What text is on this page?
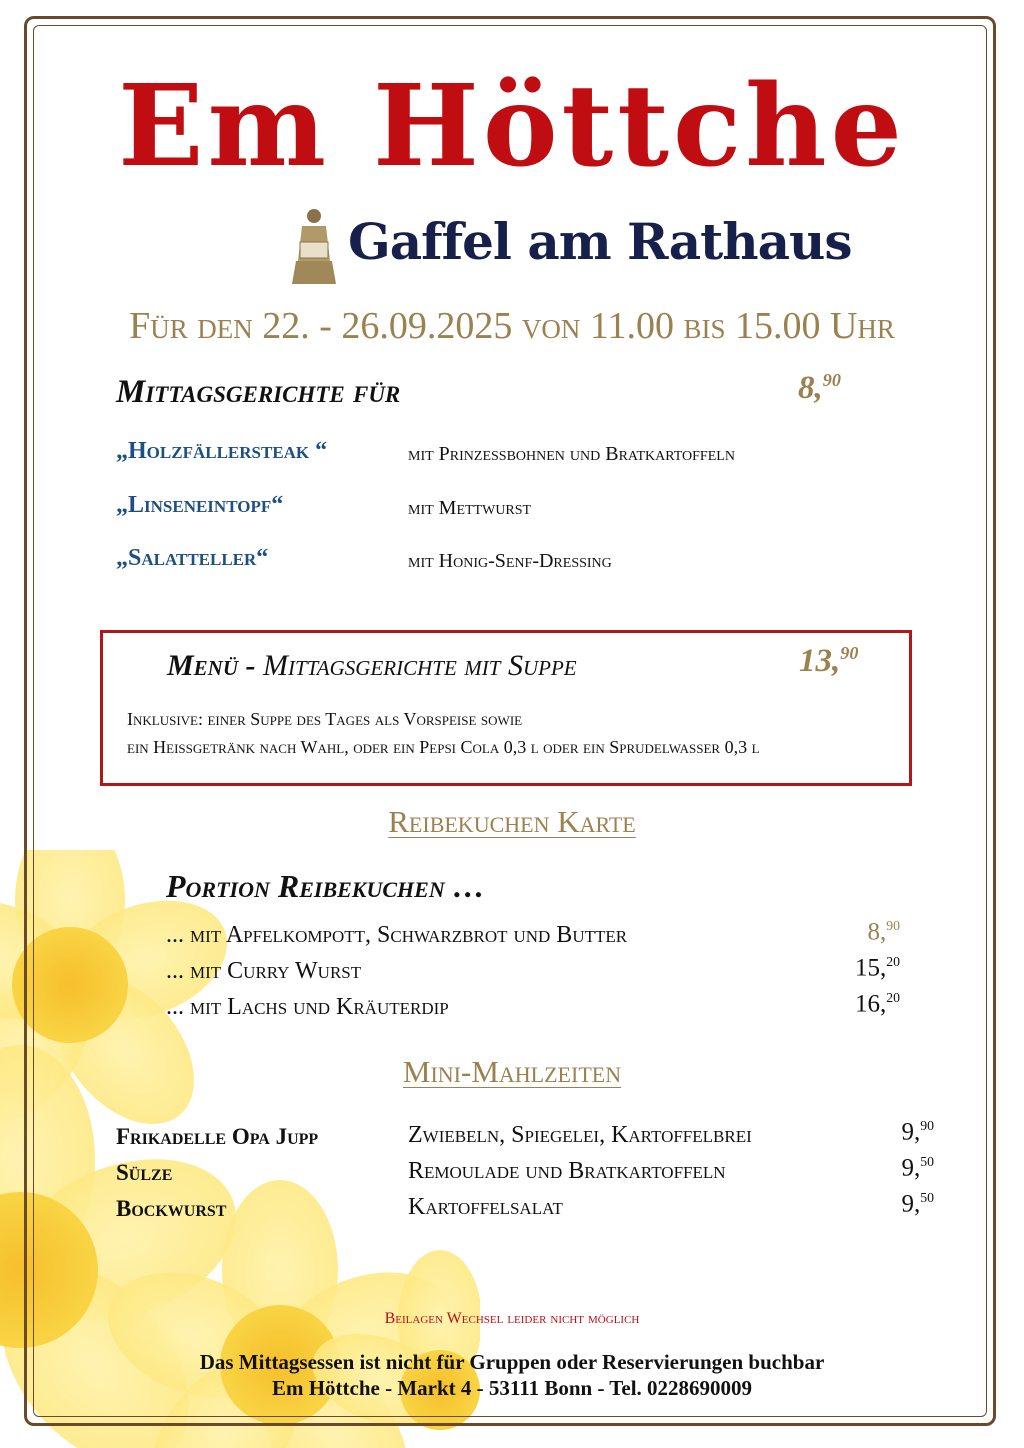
Em Höttche
Gaffel am Rathaus
Für den 22. - 26.09.2025 von 11.00 bis 15.00 Uhr
Mittagsgerichte für	8,90
„Holzfällersteak “	mit Prinzessbohnen und Bratkartoffeln
„Linseneintopf“	mit Mettwurst
„Salatteller“	mit Honig-Senf-Dressing
Menü - Mittagsgerichte mit Suppe	13,90
Inklusive: einer Suppe des Tages als Vorspeise sowie
ein Heißgetränk nach Wahl, oder ein Pepsi Cola 0,3 l oder ein Sprudelwasser 0,3 l
Reibekuchen Karte
Portion Reibekuchen …
... mit Apfelkompott, Schwarzbrot und Butter	8,90
... mit Curry Wurst	15,20
... mit Lachs und Kräuterdip	16,20
Mini-Mahlzeiten
Frikadelle Opa Jupp	Zwiebeln, Spiegelei, Kartoffelbrei	9,90
Sülze	Remoulade und Bratkartoffeln	9,50
Bockwurst	Kartoffelsalat	9,50
Beilagen Wechsel leider nicht möglich
Das Mittagsessen ist nicht für Gruppen oder Reservierungen buchbar
Em Höttche - Markt 4 - 53111 Bonn - Tel. 0228690009
